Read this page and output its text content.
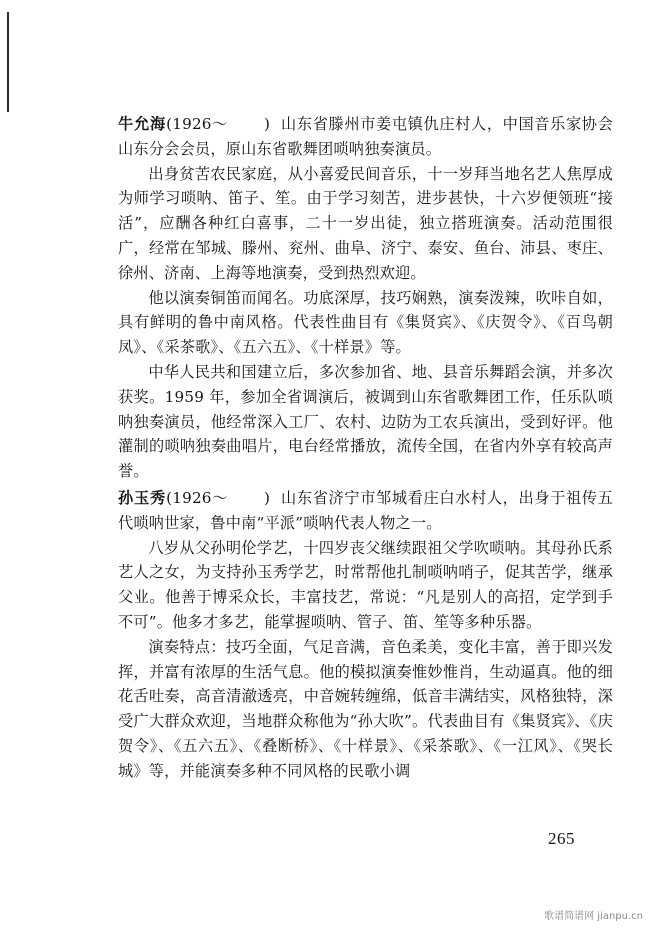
牛允海(1926～ ) 山东省滕州市姜屯镇仇庄村人，中国音乐家协会山东分会会员，原山东省歌舞团唢呐独奏演员。

出身贫苦农民家庭，从小喜爱民间音乐，十一岁拜当地名艺人焦厚成为师学习唢呐、笛子、笙。由于学习刻苦，进步甚快，十六岁便领班“接活”，应酬各种红白喜事，二十一岁出徒，独立搭班演奏。活动范围很广，经常在邹城、滕州、兖州、曲阜、济宁、泰安、鱼台、沛县、枣庄、徐州、济南、上海等地演奏，受到热烈欢迎。

他以演奏铜笛而闻名。功底深厚，技巧娴熟，演奏泼辣，吹咔自如，具有鲜明的鲁中南风格。代表性曲目有《集贤宾》、《庆贺令》、《百鸟朝凤》、《采茶歌》、《五六五》、《十样景》等。

中华人民共和国建立后，多次参加省、地、县音乐舞蹈会演，并多次获奖。1959 年，参加全省调演后，被调到山东省歌舞团工作，任乐队唢呐独奏演员，他经常深入工厂、农村、边防为工农兵演出，受到好评。他灌制的唢呐独奏曲唱片，电台经常播放，流传全国，在省内外享有较高声誉。

孙玉秀(1926～ ) 山东省济宁市邹城看庄白水村人，出身于祖传五代唢呐世家，鲁中南“平派”唢呐代表人物之一。

八岁从父孙明伦学艺，十四岁丧父继续跟祖父学吹唢呐。其母孙氏系艺人之女，为支持孙玉秀学艺，时常帮他扎制唢呐哨子，促其苦学，继承父业。他善于博采众长，丰富技艺，常说：“凡是别人的高招，定学到手不可”。他多才多艺，能掌握唢呐、管子、笛、笙等多种乐器。

演奏特点：技巧全面，气足音满，音色柔美，变化丰富，善于即兴发挥，并富有浓厚的生活气息。他的模拟演奏惟妙惟肖，生动逼真。他的细花舌吐奏，高音清澈透亮，中音婉转缠绵，低音丰满结实，风格独特，深受广大群众欢迎，当地群众称他为“孙大吹”。代表曲目有《集贤宾》、《庆贺令》、《五六五》、《叠断桥》、《十样景》、《采茶歌》、《一江风》、《哭长城》等，并能演奏多种不同风格的民歌小调

265
歌谱简谱网 jianpu.cn
